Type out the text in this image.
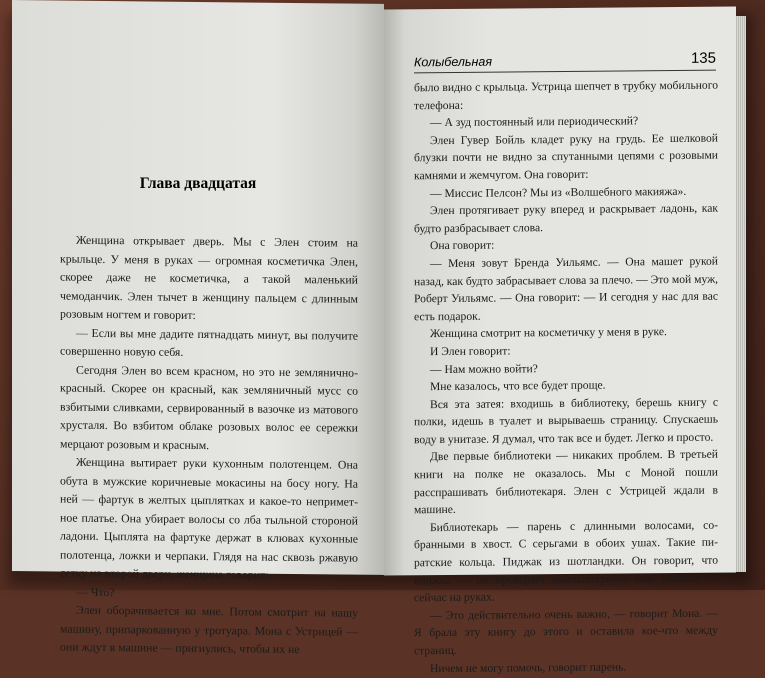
Женщина открывает дверь. Мы с Элен стоим на крыльце. У меня в руках — огромная косметичка Элен, скорее даже не косметичка, а такой маленький чемоданчик. Элен тычет в женщину пальцем с длинным розовым ногтем и говорит:

— Если вы мне дадите пятнадцать минут, вы получите совершенно новую себя.

Сегодня Элен во всем красном, но это не земляничнo-красный. Скорее он красный, как земляничный мусс со взбитыми сливками, сервированный в вазочке из матового хрусталя. Во взбитом облаке розовых волос ее сережки мерцают розовым и красным.

Женщина вытирает руки кухонным полотенцем. Она обута в мужские коричневые мокасины на босу ногу. На ней — фартук в желтых цыплятках и какое-то неприметное платье. Она убирает волосы со лба тыльной стороной ладони. Цыплята на фартуке держат в клювах кухонные полотенца, ложки и черпаки. Глядя на нас сквозь ржавую сетку на второй двери, женщина говорит:

— Что?

Элен оборачивается ко мне. Потом смотрит на нашу машину, припаркованную у тротуара. Мона с Устрицей — они ждут в машине — пригнулись, чтобы их не

Глава двадцатая

было видно с крыльца. Устрица шепчет в трубку мобильного телефона:

— А зуд постоянный или периодический?

Элен Гувер Бойль кладет руку на грудь. Ее шелковой блузки почти не видно за спутанными цепями с розовыми камнями и жемчугом. Она говорит:

— Миссис Пелсон? Мы из «Волшебного макияжа».

Элен протягивает руку вперед и раскрывает ладонь, как будто разбрасывает слова.

Она говорит:

— Меня зовут Бренда Уильямс. — Она машет рукой назад, как будто забрасывает слова за плечо. — Это мой муж, Роберт Уильямс. — Она говорит: — И сегодня у нас для вас есть подарок.

Женщина смотрит на косметичку у меня в руке.

И Элен говорит:

— Нам можно войти?

Мне казалось, что все будет проще.

Вся эта затея: входишь в библиотеку, берешь книгу с полки, идешь в туалет и вырываешь страницу. Спускаешь воду в унитазе. Я думал, что так все и будет. Легко и просто.

Две первые библиотеки — никаких проблем. В третьей книги на полке не оказалось. Мы с Моной пошли расспрашивать библиотекаря. Элен с Устрицей ждали в машине.

Библиотекарь — парень с длинными волосами, собранными в хвост. С серьгами в обоих ушах. Такие пиратские кольца. Пиджак из шотландки. Он говорит, что книжка — он проверяет компьютерную базу данных — сейчас на руках.

— Это действительно очень важно, — говорит Мона. — Я брала эту книгу до этого и оставила кое-что между страниц.

Ничем не могу помочь, говорит парень.

Колыбельная	135
